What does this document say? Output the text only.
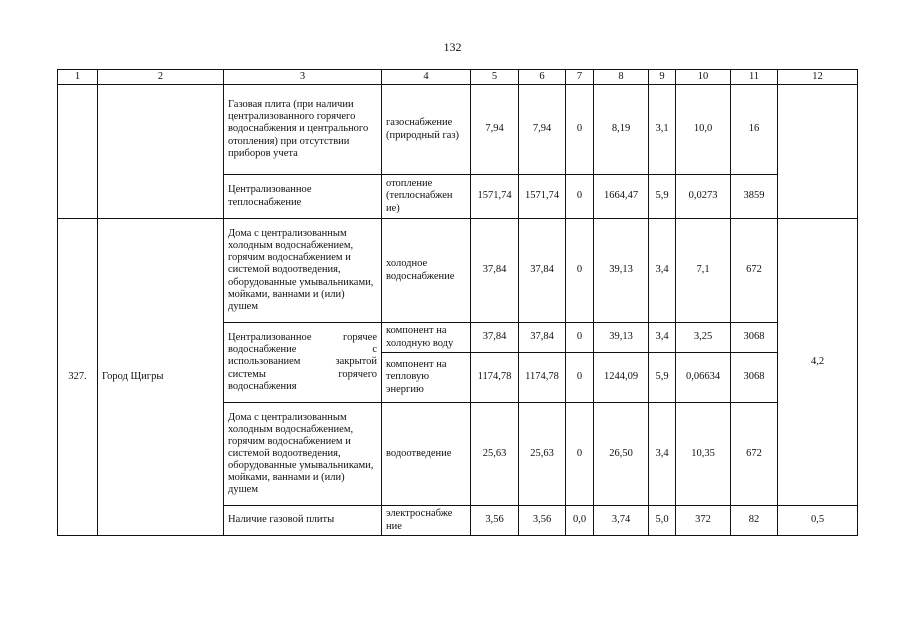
132
1	2	3	4	5	6	7	8	9	10	11	12
		Газовая плита (при наличии централизованного горячего водоснабжения и центрального отопления) при отсутствии приборов учета	газоснабжение (природный газ)	7,94	7,94	0	8,19	3,1	10,0	16	
		Централизованное теплоснабжение	отопление (теплоснабжен ие)	1571,74	1571,74	0	1664,47	5,9	0,0273	3859	
327.	Город Щигры	Дома с централизованным холодным водоснабжением, горячим водоснабжением и системой водоотведения, оборудованные умывальниками, мойками, ваннами и (или) душем	холодное водоснабжение	37,84	37,84	0	39,13	3,4	7,1	672	4,2
		Централизованное горячее водоснабжение с использованием закрытой системы горячего водоснабжения	компонент на холодную воду	37,84	37,84	0	39,13	3,4	3,25	3068	
			компонент на тепловую энергию	1174,78	1174,78	0	1244,09	5,9	0,06634	3068	
		Дома с централизованным холодным водоснабжением, горячим водоснабжением и системой водоотведения, оборудованные умывальниками, мойками, ваннами и (или) душем	водоотведение	25,63	25,63	0	26,50	3,4	10,35	672	
		Наличие газовой плиты	электроснабже ние	3,56	3,56	0,0	3,74	5,0	372	82	0,5
